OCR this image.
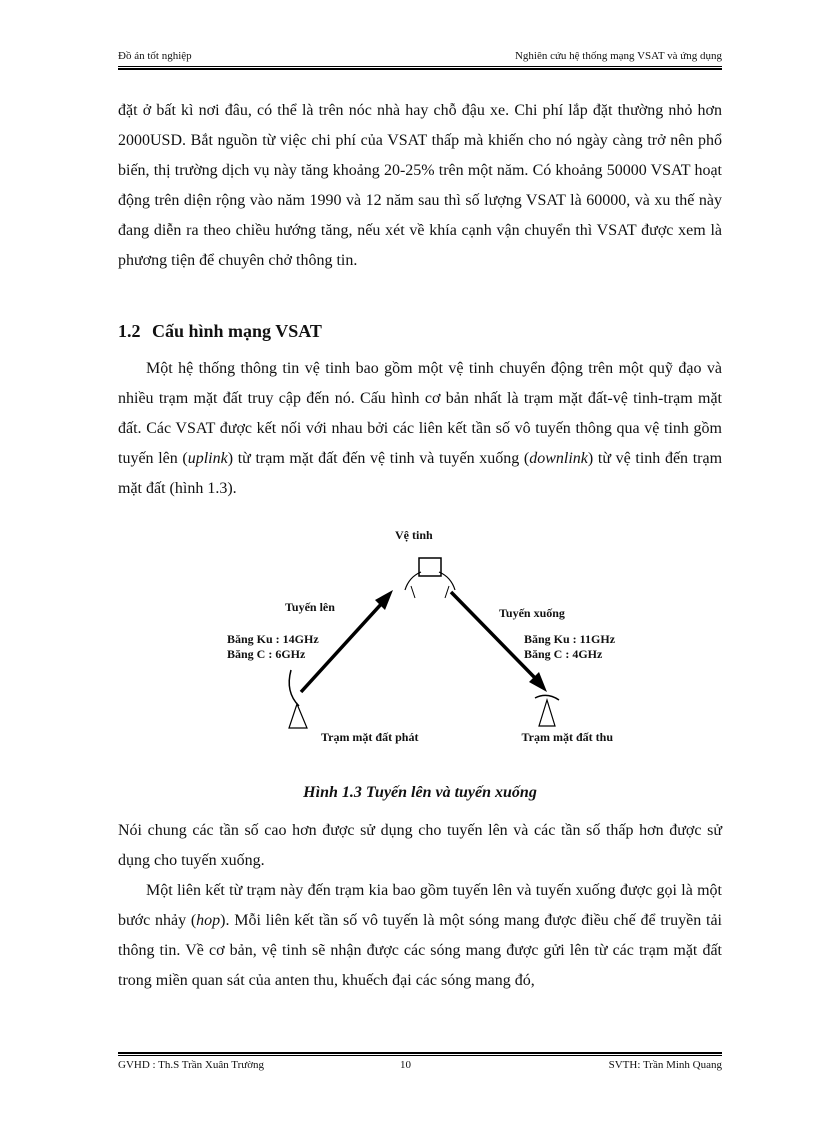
Đồ án tốt nghiệp	Nghiên cứu hệ thống mạng VSAT và ứng dụng

đặt ở bất kì nơi đâu, có thể là trên nóc nhà hay chỗ đậu xe. Chi phí lắp đặt thường nhỏ hơn 2000USD. Bắt nguồn từ việc chi phí của VSAT thấp mà khiến cho nó ngày càng trở nên phổ biến, thị trường dịch vụ này tăng khoảng 20-25% trên một năm. Có khoảng 50000 VSAT hoạt động trên diện rộng vào năm 1990 và 12 năm sau thì số lượng VSAT là 60000, và xu thế này đang diễn ra theo chiều hướng tăng, nếu xét về khía cạnh vận chuyển thì VSAT được xem là phương tiện để chuyên chở thông tin.

1.2 Cấu hình mạng VSAT

Một hệ thống thông tin vệ tinh bao gồm một vệ tinh chuyển động trên một quỹ đạo và nhiều trạm mặt đất truy cập đến nó. Cấu hình cơ bản nhất là trạm mặt đất-vệ tinh-trạm mặt đất. Các VSAT được kết nối với nhau bởi các liên kết tần số vô tuyến thông qua vệ tinh gồm tuyến lên (uplink) từ trạm mặt đất đến vệ tinh và tuyến xuống (downlink) từ vệ tinh đến trạm mặt đất (hình 1.3).

Vệ tinh
Tuyến lên
Băng Ku : 14GHz
Băng C : 6GHz
Tuyến xuống
Băng Ku : 11GHz
Băng C : 4GHz
Trạm mặt đất phát	Trạm mặt đất thu

Hình 1.3 Tuyến lên và tuyến xuống

Nói chung các tần số cao hơn được sử dụng cho tuyến lên và các tần số thấp hơn được sử dụng cho tuyến xuống.

Một liên kết từ trạm này đến trạm kia bao gồm tuyến lên và tuyến xuống được gọi là một bước nhảy (hop). Mỗi liên kết tần số vô tuyến là một sóng mang được điều chế để truyền tải thông tin. Về cơ bản, vệ tinh sẽ nhận được các sóng mang được gửi lên từ các trạm mặt đất trong miền quan sát của anten thu, khuếch đại các sóng mang đó,

GVHD : Th.S Trần Xuân Trường	10	SVTH: Trần Minh Quang
